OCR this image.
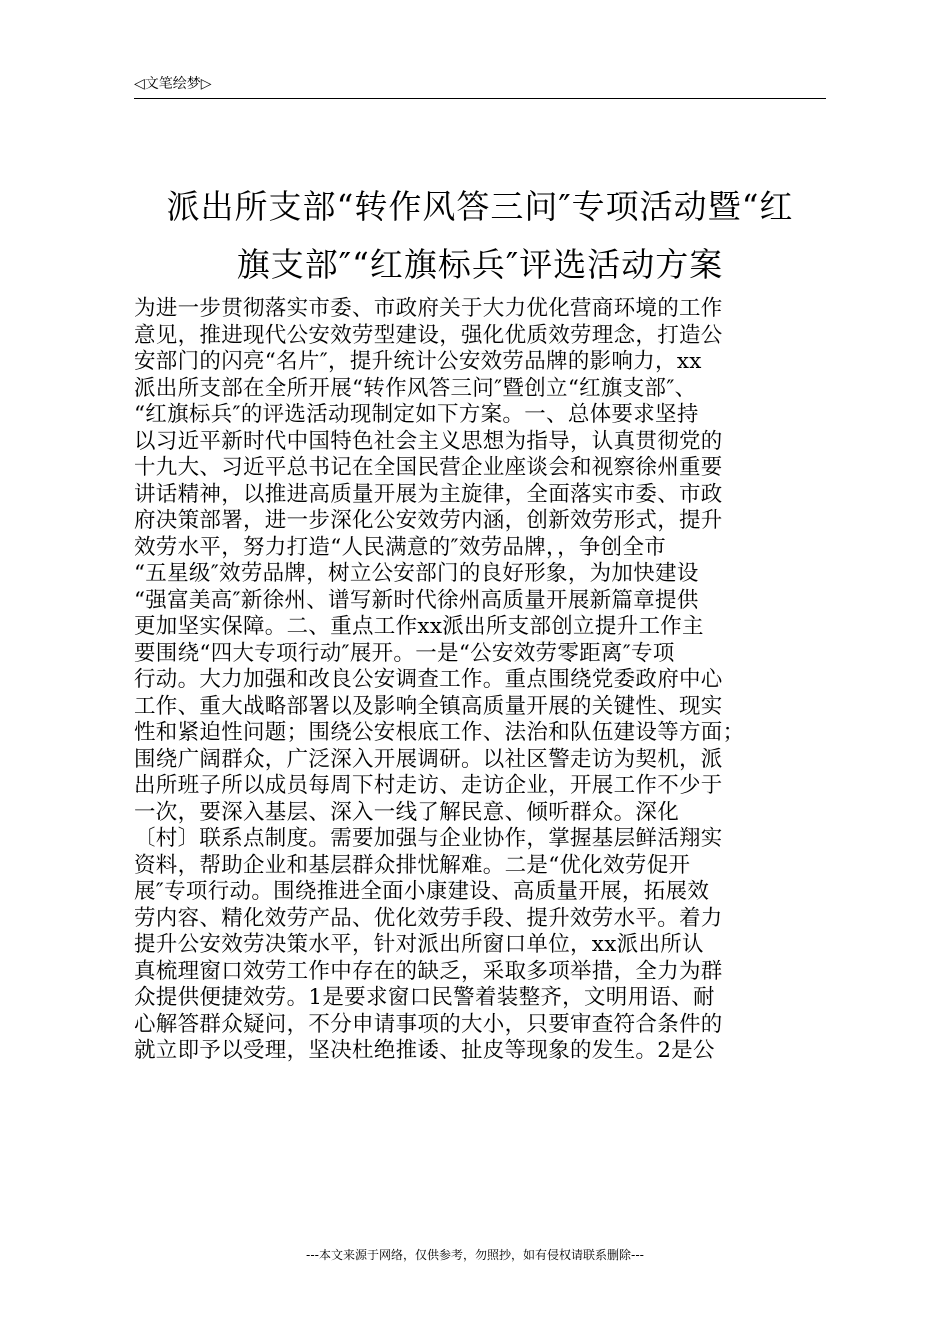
◁文笔绘梦▷
派出所支部“转作风答三问″专项活动暨“红
旗支部″“红旗标兵″评选活动方案
为进一步贯彻落实市委、市政府关于大力优化营商环境的工作
意见，推进现代公安效劳型建设，强化优质效劳理念，打造公
安部门的闪亮“名片″，提升统计公安效劳品牌的影响力，xx
派出所支部在全所开展“转作风答三问″暨创立“红旗支部″、
“红旗标兵″的评选活动现制定如下方案。一、总体要求坚持
以习近平新时代中国特色社会主义思想为指导，认真贯彻党的
十九大、习近平总书记在全国民营企业座谈会和视察徐州重要
讲话精神，以推进高质量开展为主旋律，全面落实市委、市政
府决策部署，进一步深化公安效劳内涵，创新效劳形式，提升
效劳水平，努力打造“人民满意的″效劳品牌，，争创全市
“五星级″效劳品牌，树立公安部门的良好形象，为加快建设
“强富美高″新徐州、谱写新时代徐州高质量开展新篇章提供
更加坚实保障。二、重点工作xx派出所支部创立提升工作主
要围绕“四大专项行动″展开。一是“公安效劳零距离″专项
行动。大力加强和改良公安调查工作。重点围绕党委政府中心
工作、重大战略部署以及影响全镇高质量开展的关键性、现实
性和紧迫性问题；围绕公安根底工作、法治和队伍建设等方面；
围绕广阔群众，广泛深入开展调研。以社区警走访为契机，派
出所班子所以成员每周下村走访、走访企业，开展工作不少于
一次，要深入基层、深入一线了解民意、倾听群众。深化
〔村〕联系点制度。需要加强与企业协作，掌握基层鲜活翔实
资料，帮助企业和基层群众排忧解难。二是“优化效劳促开
展″专项行动。围绕推进全面小康建设、高质量开展，拓展效
劳内容、精化效劳产品、优化效劳手段、提升效劳水平。着力
提升公安效劳决策水平，针对派出所窗口单位，xx派出所认
真梳理窗口效劳工作中存在的缺乏，采取多项举措，全力为群
众提供便捷效劳。1是要求窗口民警着装整齐，文明用语、耐
心解答群众疑问，不分申请事项的大小，只要审查符合条件的
就立即予以受理，坚决杜绝推诿、扯皮等现象的发生。2是公
---本文来源于网络，仅供参考，勿照抄，如有侵权请联系删除---
